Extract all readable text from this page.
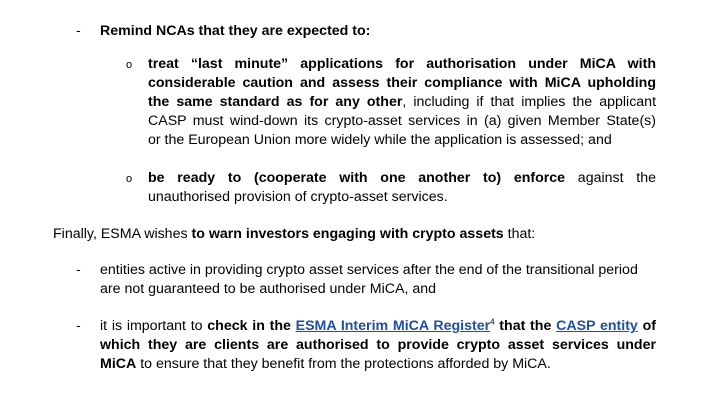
- Remind NCAs that they are expected to:
o treat “last minute” applications for authorisation under MiCA with
considerable caution and assess their compliance with MiCA upholding
the same standard as for any other, including if that implies the applicant
CASP must wind-down its crypto-asset services in (a) given Member State(s)
or the European Union more widely while the application is assessed; and
o be ready to (cooperate with one another to) enforce against the
unauthorised provision of crypto-asset services.
Finally, ESMA wishes to warn investors engaging with crypto assets that:
- entities active in providing crypto asset services after the end of the transitional period
are not guaranteed to be authorised under MiCA, and
- it is important to check in the ESMA Interim MiCA Register$^4$ that the CASP entity of
which they are clients are authorised to provide crypto asset services under
MiCA to ensure that they benefit from the protections afforded by MiCA.
